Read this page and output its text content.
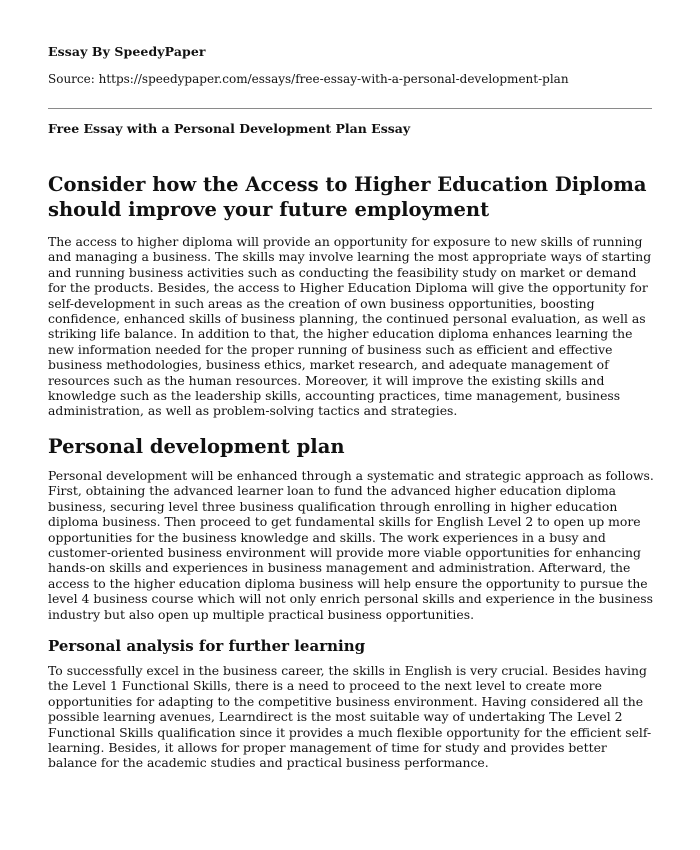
Essay By SpeedyPaper
Source: https://speedypaper.com/essays/free-essay-with-a-personal-development-plan
Free Essay with a Personal Development Plan Essay
Consider how the Access to Higher Education Diploma should improve your future employment

The access to higher diploma will provide an opportunity for exposure to new skills of running and managing a business. The skills may involve learning the most appropriate ways of starting and running business activities such as conducting the feasibility study on market or demand for the products. Besides, the access to Higher Education Diploma will give the opportunity for self-development in such areas as the creation of own business opportunities, boosting confidence, enhanced skills of business planning, the continued personal evaluation, as well as striking life balance. In addition to that, the higher education diploma enhances learning the new information needed for the proper running of business such as efficient and effective business methodologies, business ethics, market research, and adequate management of resources such as the human resources. Moreover, it will improve the existing skills and knowledge such as the leadership skills, accounting practices, time management, business administration, as well as problem-solving tactics and strategies.

Personal development plan

Personal development will be enhanced through a systematic and strategic approach as follows. First, obtaining the advanced learner loan to fund the advanced higher education diploma business, securing level three business qualification through enrolling in higher education diploma business. Then proceed to get fundamental skills for English Level 2 to open up more opportunities for the business knowledge and skills. The work experiences in a busy and customer-oriented business environment will provide more viable opportunities for enhancing hands-on skills and experiences in business management and administration. Afterward, the access to the higher education diploma business will help ensure the opportunity to pursue the level 4 business course which will not only enrich personal skills and experience in the business industry but also open up multiple practical business opportunities.

Personal analysis for further learning

To successfully excel in the business career, the skills in English is very crucial. Besides having the Level 1 Functional Skills, there is a need to proceed to the next level to create more opportunities for adapting to the competitive business environment. Having considered all the possible learning avenues, Learndirect is the most suitable way of undertaking The Level 2 Functional Skills qualification since it provides a much flexible opportunity for the efficient self-learning. Besides, it allows for proper management of time for study and provides better balance for the academic studies and practical business performance.
